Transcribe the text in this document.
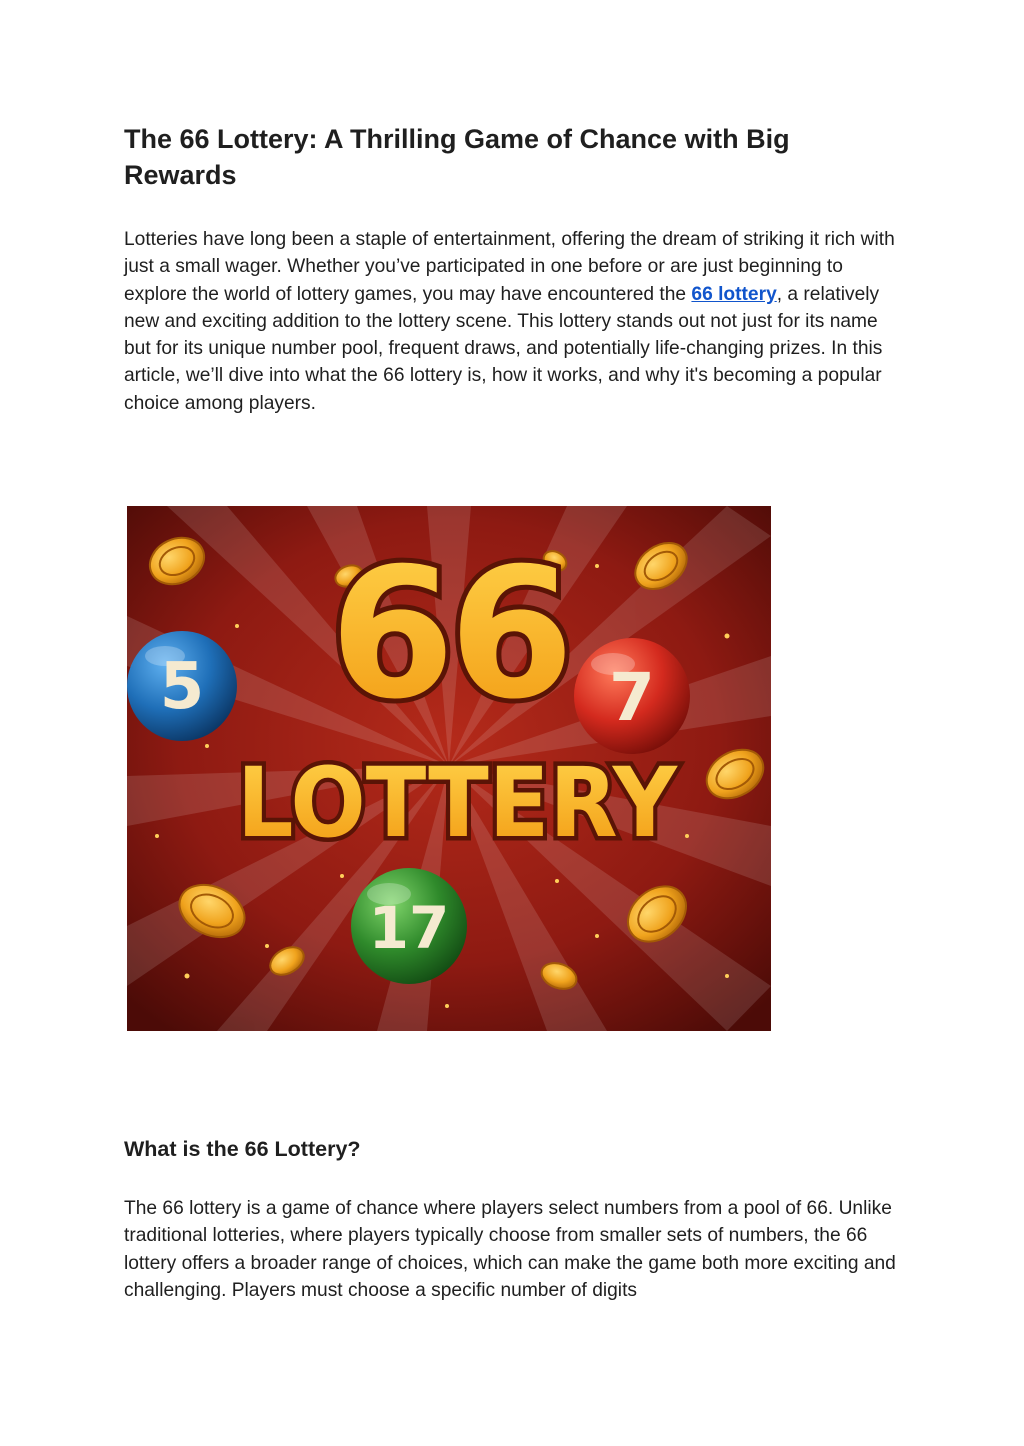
The 66 Lottery: A Thrilling Game of Chance with Big Rewards

Lotteries have long been a staple of entertainment, offering the dream of striking it rich with just a small wager. Whether you’ve participated in one before or are just beginning to explore the world of lottery games, you may have encountered the 66 lottery, a relatively new and exciting addition to the lottery scene. This lottery stands out not just for its name but for its unique number pool, frequent draws, and potentially life-changing prizes. In this article, we’ll dive into what the 66 lottery is, how it works, and why it's becoming a popular choice among players.

5	7
17
66
LOTTERY
What is the 66 Lottery?

The 66 lottery is a game of chance where players select numbers from a pool of 66. Unlike traditional lotteries, where players typically choose from smaller sets of numbers, the 66 lottery offers a broader range of choices, which can make the game both more exciting and challenging. Players must choose a specific number of digits
